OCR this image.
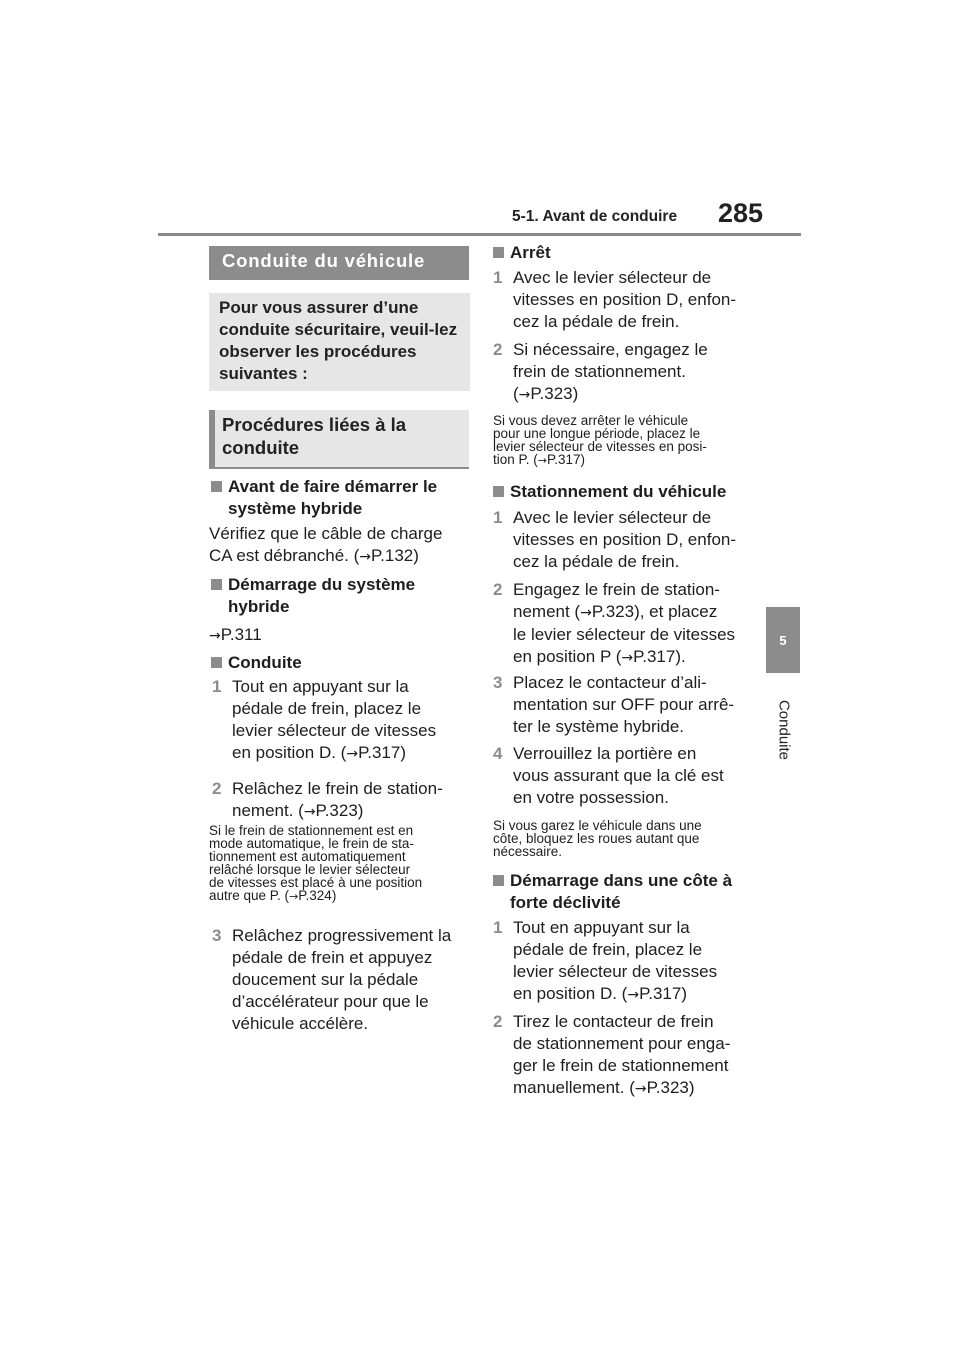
5-1. Avant de conduire 285
5
Conduite
Conduite du véhicule
Pour vous assurer d’une conduite sécuritaire, veuil-lez observer les procédures suivantes :
Procédures liées à la conduite
Avant de faire démarrer le système hybride
Vérifiez que le câble de charge
CA est débranché. (→P.132)
Démarrage du système hybride
→P.311
Conduite
1 Tout en appuyant sur la
pédale de frein, placez le
levier sélecteur de vitesses
en position D. (→P.317)
2 Relâchez le frein de station-
nement. (→P.323)
Si le frein de stationnement est en
mode automatique, le frein de sta-
tionnement est automatiquement
relâché lorsque le levier sélecteur
de vitesses est placé à une position
autre que P. (→P.324)
3 Relâchez progressivement la
pédale de frein et appuyez
doucement sur la pédale
d’accélérateur pour que le
véhicule accélère.
Arrêt
1 Avec le levier sélecteur de
vitesses en position D, enfon-
cez la pédale de frein.
2 Si nécessaire, engagez le
frein de stationnement.
(→P.323)
Si vous devez arrêter le véhicule
pour une longue période, placez le
levier sélecteur de vitesses en posi-
tion P. (→P.317)
Stationnement du véhicule
1 Avec le levier sélecteur de
vitesses en position D, enfon-
cez la pédale de frein.
2 Engagez le frein de station-
nement (→P.323), et placez
le levier sélecteur de vitesses
en position P (→P.317).
3 Placez le contacteur d’ali-
mentation sur OFF pour arrê-
ter le système hybride.
4 Verrouillez la portière en
vous assurant que la clé est
en votre possession.
Si vous garez le véhicule dans une
côte, bloquez les roues autant que
nécessaire.
Démarrage dans une côte à forte déclivité
1 Tout en appuyant sur la
pédale de frein, placez le
levier sélecteur de vitesses
en position D. (→P.317)
2 Tirez le contacteur de frein
de stationnement pour enga-
ger le frein de stationnement
manuellement. (→P.323)
